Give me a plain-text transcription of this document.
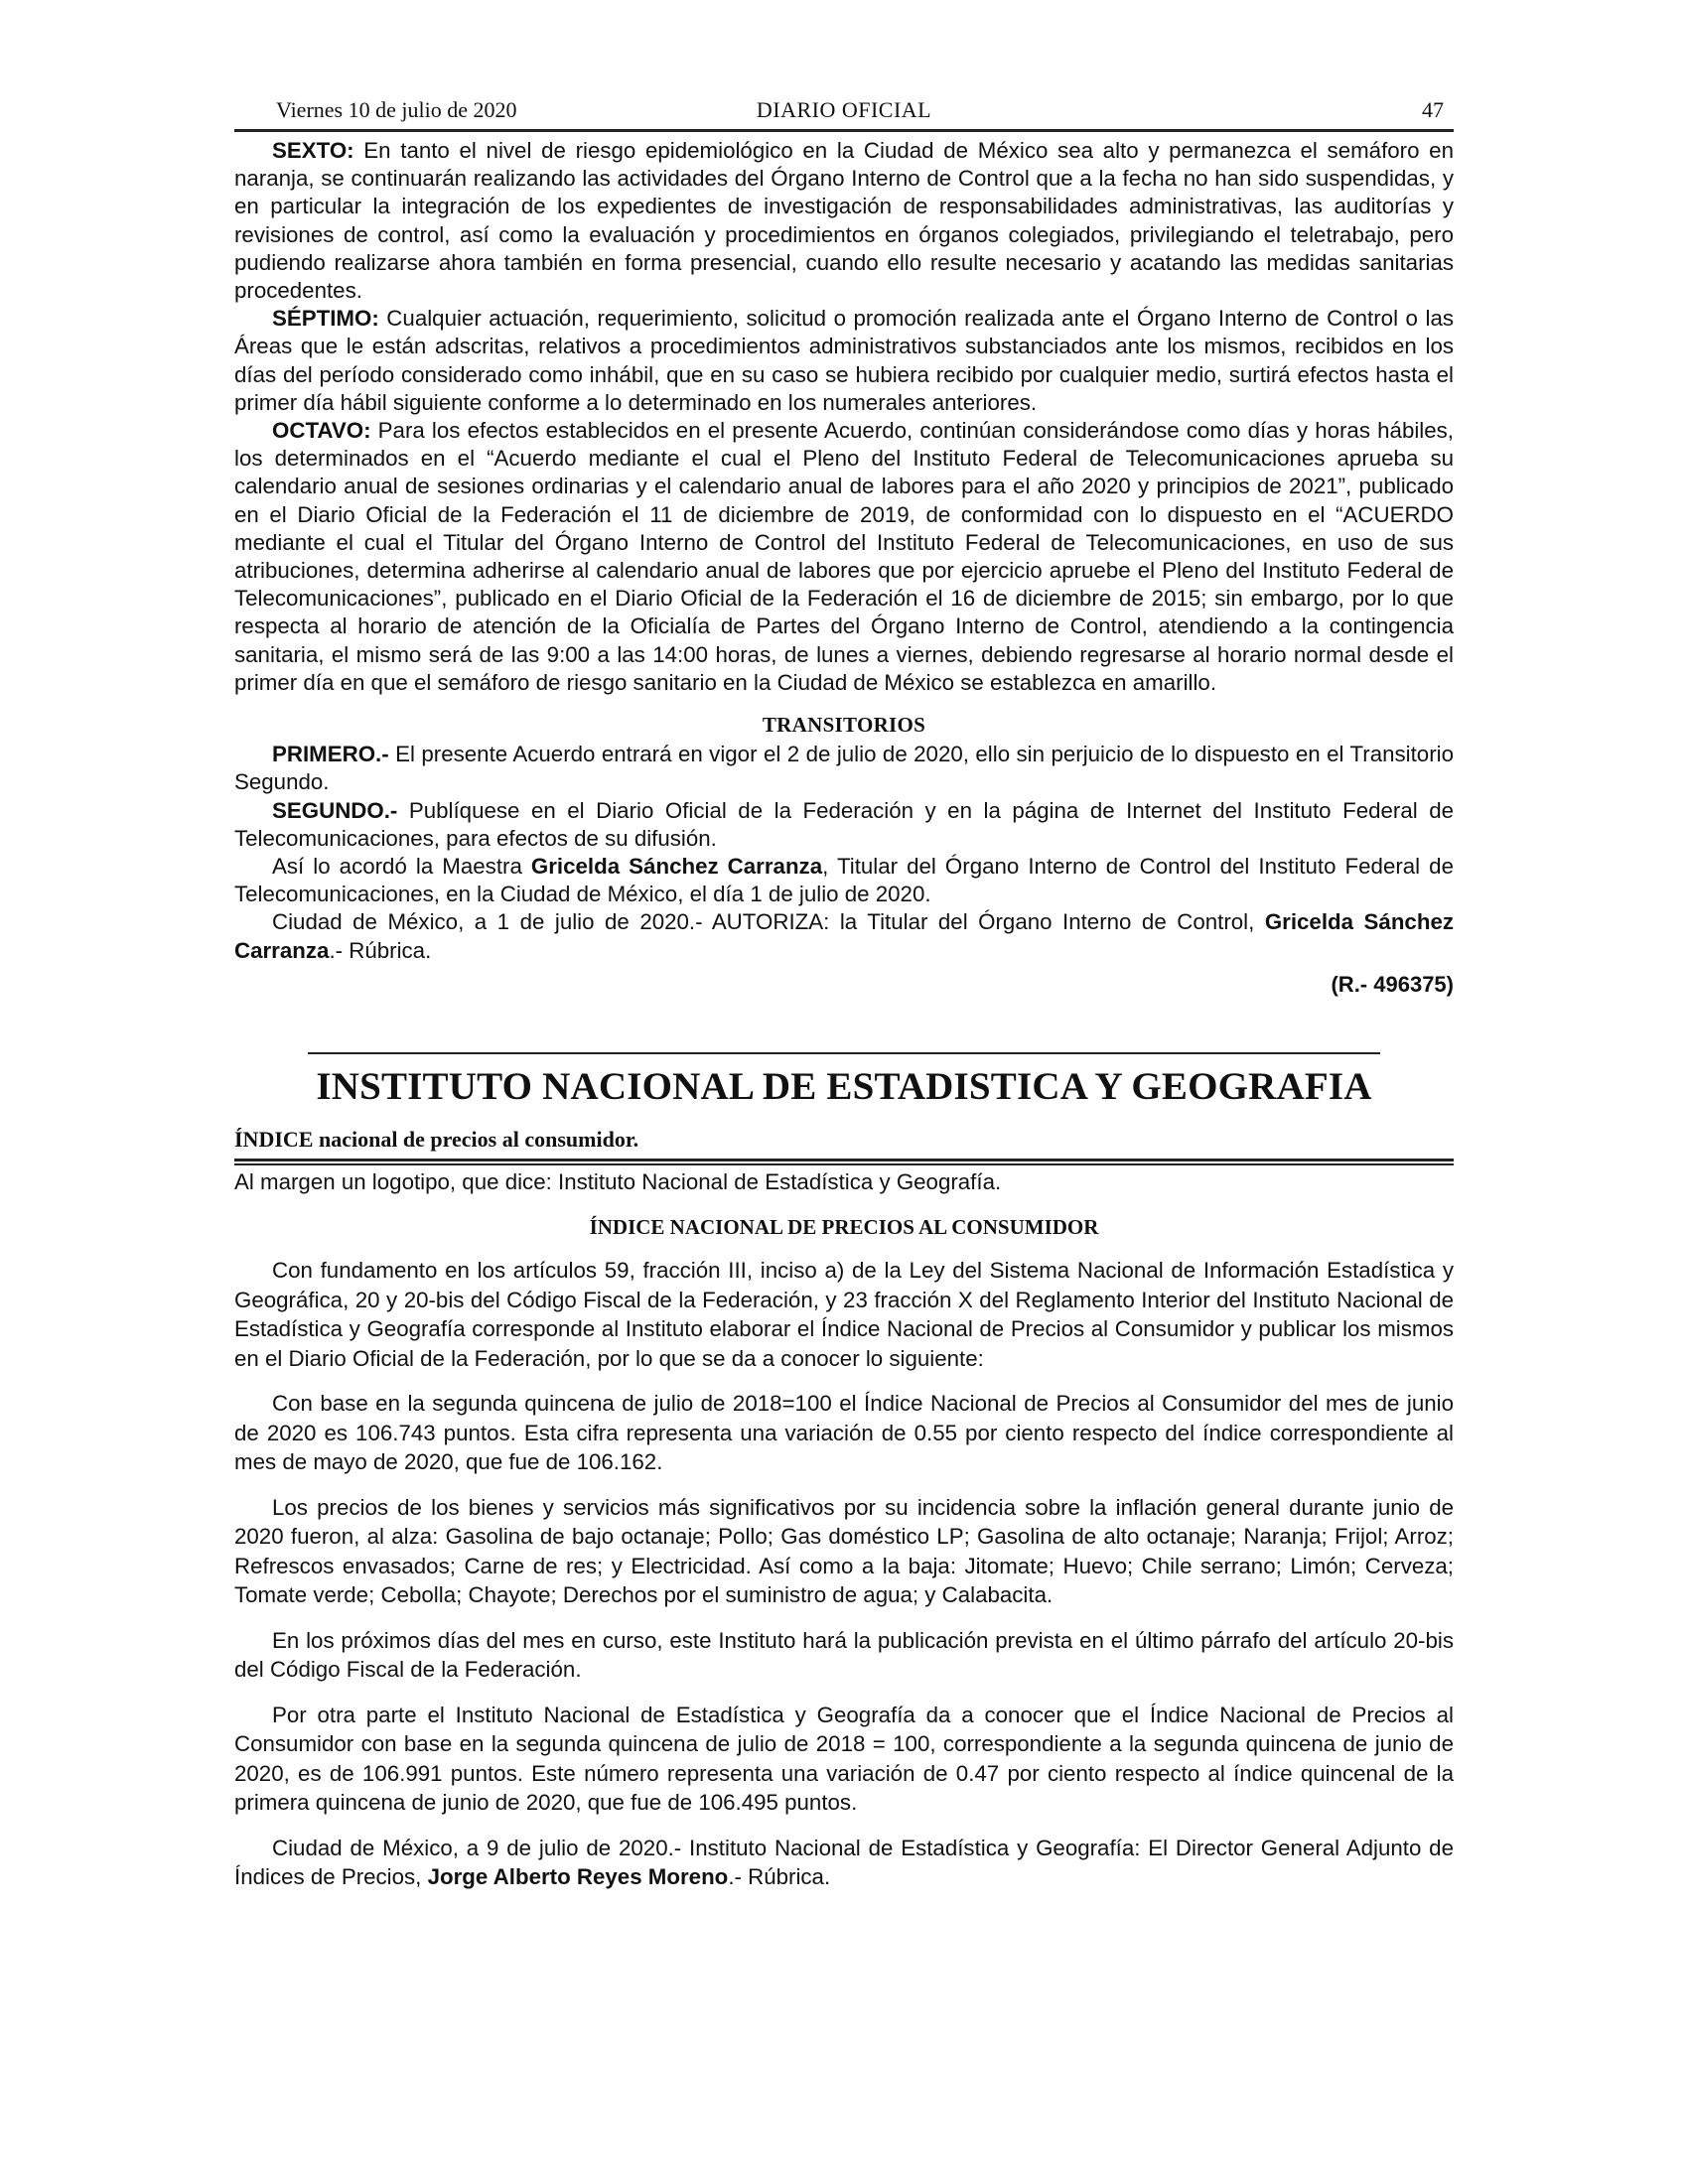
Viernes 10 de julio de 2020	DIARIO OFICIAL	47

SEXTO: En tanto el nivel de riesgo epidemiológico en la Ciudad de México sea alto y permanezca el semáforo en naranja, se continuarán realizando las actividades del Órgano Interno de Control que a la fecha no han sido suspendidas, y en particular la integración de los expedientes de investigación de responsabilidades administrativas, las auditorías y revisiones de control, así como la evaluación y procedimientos en órganos colegiados, privilegiando el teletrabajo, pero pudiendo realizarse ahora también en forma presencial, cuando ello resulte necesario y acatando las medidas sanitarias procedentes.

SÉPTIMO: Cualquier actuación, requerimiento, solicitud o promoción realizada ante el Órgano Interno de Control o las Áreas que le están adscritas, relativos a procedimientos administrativos substanciados ante los mismos, recibidos en los días del período considerado como inhábil, que en su caso se hubiera recibido por cualquier medio, surtirá efectos hasta el primer día hábil siguiente conforme a lo determinado en los numerales anteriores.

OCTAVO: Para los efectos establecidos en el presente Acuerdo, continúan considerándose como días y horas hábiles, los determinados en el “Acuerdo mediante el cual el Pleno del Instituto Federal de Telecomunicaciones aprueba su calendario anual de sesiones ordinarias y el calendario anual de labores para el año 2020 y principios de 2021”, publicado en el Diario Oficial de la Federación el 11 de diciembre de 2019, de conformidad con lo dispuesto en el “ACUERDO mediante el cual el Titular del Órgano Interno de Control del Instituto Federal de Telecomunicaciones, en uso de sus atribuciones, determina adherirse al calendario anual de labores que por ejercicio apruebe el Pleno del Instituto Federal de Telecomunicaciones”, publicado en el Diario Oficial de la Federación el 16 de diciembre de 2015; sin embargo, por lo que respecta al horario de atención de la Oficialía de Partes del Órgano Interno de Control, atendiendo a la contingencia sanitaria, el mismo será de las 9:00 a las 14:00 horas, de lunes a viernes, debiendo regresarse al horario normal desde el primer día en que el semáforo de riesgo sanitario en la Ciudad de México se establezca en amarillo.

TRANSITORIOS

PRIMERO.- El presente Acuerdo entrará en vigor el 2 de julio de 2020, ello sin perjuicio de lo dispuesto en el Transitorio Segundo.

SEGUNDO.- Publíquese en el Diario Oficial de la Federación y en la página de Internet del Instituto Federal de Telecomunicaciones, para efectos de su difusión.

Así lo acordó la Maestra Gricelda Sánchez Carranza, Titular del Órgano Interno de Control del Instituto Federal de Telecomunicaciones, en la Ciudad de México, el día 1 de julio de 2020.

Ciudad de México, a 1 de julio de 2020.- AUTORIZA: la Titular del Órgano Interno de Control, Gricelda Sánchez Carranza.- Rúbrica.

(R.- 496375)
INSTITUTO NACIONAL DE ESTADISTICA Y GEOGRAFIA
ÍNDICE nacional de precios al consumidor.
Al margen un logotipo, que dice: Instituto Nacional de Estadística y Geografía.
ÍNDICE NACIONAL DE PRECIOS AL CONSUMIDOR

Con fundamento en los artículos 59, fracción III, inciso a) de la Ley del Sistema Nacional de Información Estadística y Geográfica, 20 y 20-bis del Código Fiscal de la Federación, y 23 fracción X del Reglamento Interior del Instituto Nacional de Estadística y Geografía corresponde al Instituto elaborar el Índice Nacional de Precios al Consumidor y publicar los mismos en el Diario Oficial de la Federación, por lo que se da a conocer lo siguiente:

Con base en la segunda quincena de julio de 2018=100 el Índice Nacional de Precios al Consumidor del mes de junio de 2020 es 106.743 puntos. Esta cifra representa una variación de 0.55 por ciento respecto del índice correspondiente al mes de mayo de 2020, que fue de 106.162.

Los precios de los bienes y servicios más significativos por su incidencia sobre la inflación general durante junio de 2020 fueron, al alza: Gasolina de bajo octanaje; Pollo; Gas doméstico LP; Gasolina de alto octanaje; Naranja; Frijol; Arroz; Refrescos envasados; Carne de res; y Electricidad. Así como a la baja: Jitomate; Huevo; Chile serrano; Limón; Cerveza; Tomate verde; Cebolla; Chayote; Derechos por el suministro de agua; y Calabacita.

En los próximos días del mes en curso, este Instituto hará la publicación prevista en el último párrafo del artículo 20-bis del Código Fiscal de la Federación.

Por otra parte el Instituto Nacional de Estadística y Geografía da a conocer que el Índice Nacional de Precios al Consumidor con base en la segunda quincena de julio de 2018 = 100, correspondiente a la segunda quincena de junio de 2020, es de 106.991 puntos. Este número representa una variación de 0.47 por ciento respecto al índice quincenal de la primera quincena de junio de 2020, que fue de 106.495 puntos.

Ciudad de México, a 9 de julio de 2020.- Instituto Nacional de Estadística y Geografía: El Director General Adjunto de Índices de Precios, Jorge Alberto Reyes Moreno.- Rúbrica.
